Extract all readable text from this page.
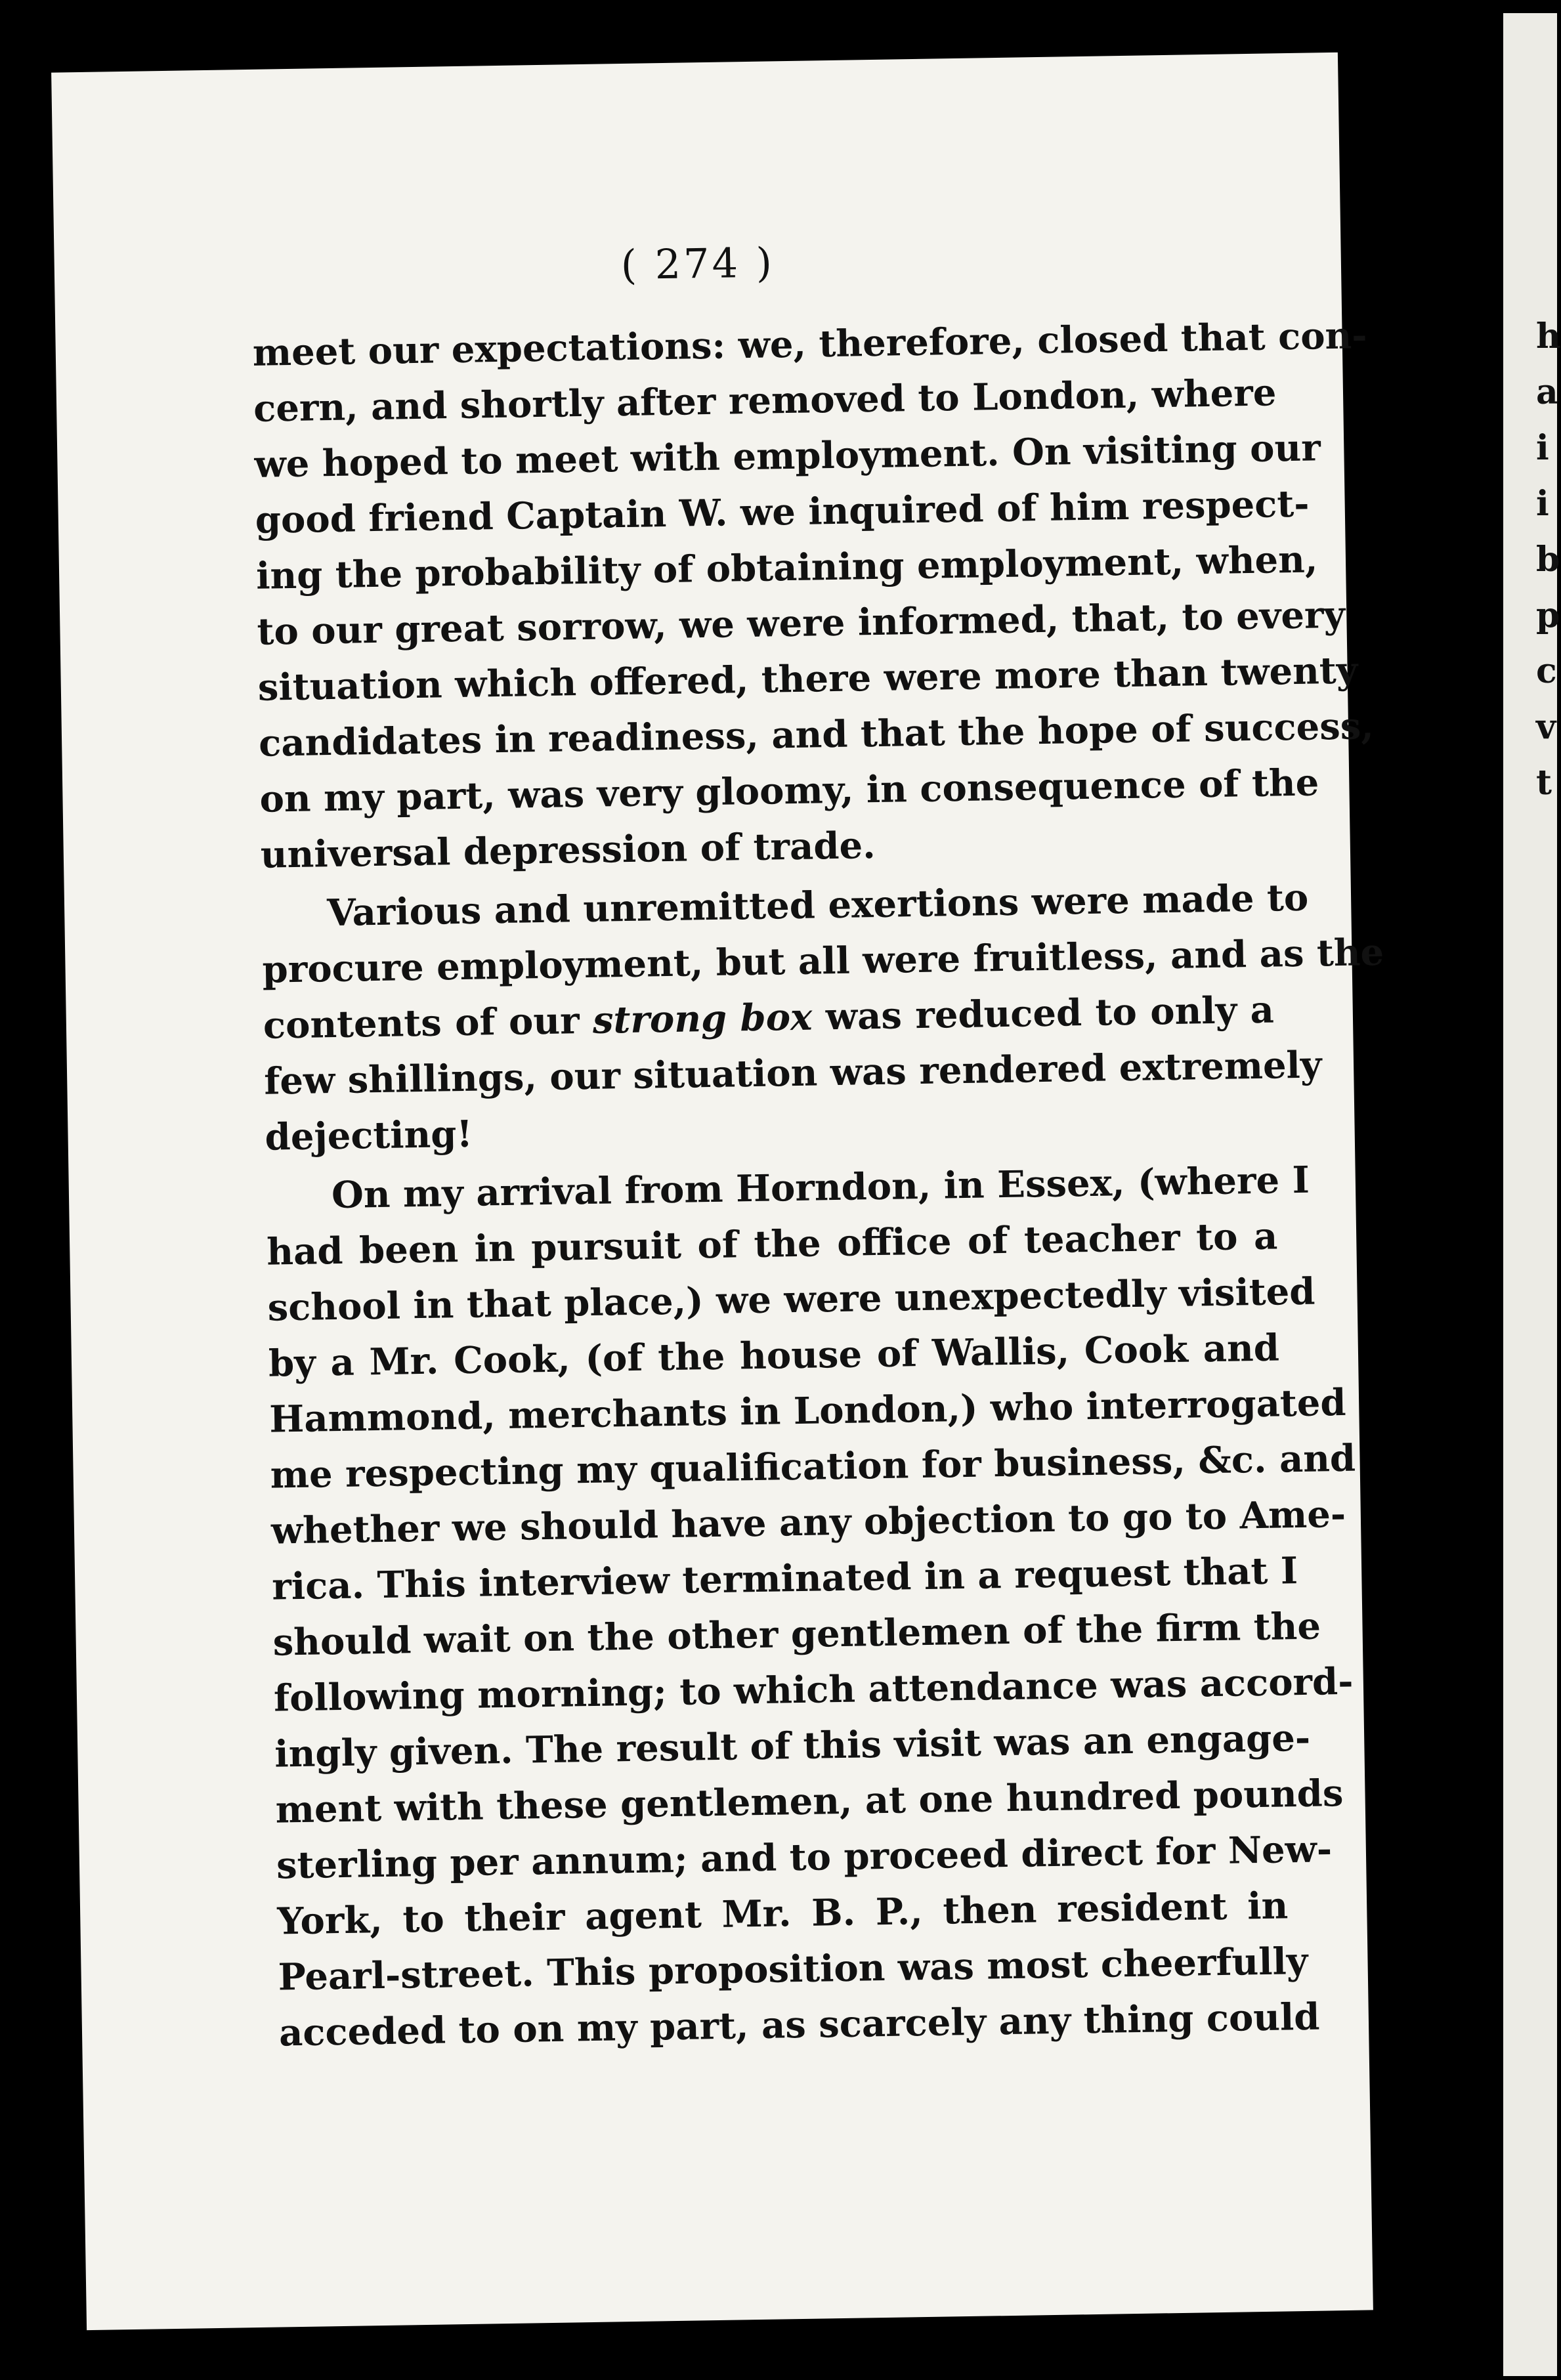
h
a
i
i
b
p
c
v
t
( 274 )
meet our expectations: we, therefore, closed that con-
cern, and shortly after removed to London, where
we hoped to meet with employment. On visiting our
good friend Captain W. we inquired of him respect-
ing the probability of obtaining employment, when,
to our great sorrow, we were informed, that, to every
situation which offered, there were more than twenty
candidates in readiness, and that the hope of success,
on my part, was very gloomy, in consequence of the
universal depression of trade.
Various and unremitted exertions were made to
procure employment, but all were fruitless, and as the
contents of our strong box was reduced to only a
few shillings, our situation was rendered extremely
dejecting!
On my arrival from Horndon, in Essex, (where I
had been in pursuit of the office of teacher to a
school in that place,) we were unexpectedly visited
by a Mr. Cook, (of the house of Wallis, Cook and
Hammond, merchants in London,) who interrogated
me respecting my qualification for business, &c. and
whether we should have any objection to go to Ame-
rica. This interview terminated in a request that I
should wait on the other gentlemen of the firm the
following morning; to which attendance was accord-
ingly given. The result of this visit was an engage-
ment with these gentlemen, at one hundred pounds
sterling per annum; and to proceed direct for New-
York, to their agent Mr. B. P., then resident in
Pearl-street. This proposition was most cheerfully
acceded to on my part, as scarcely any thing could
